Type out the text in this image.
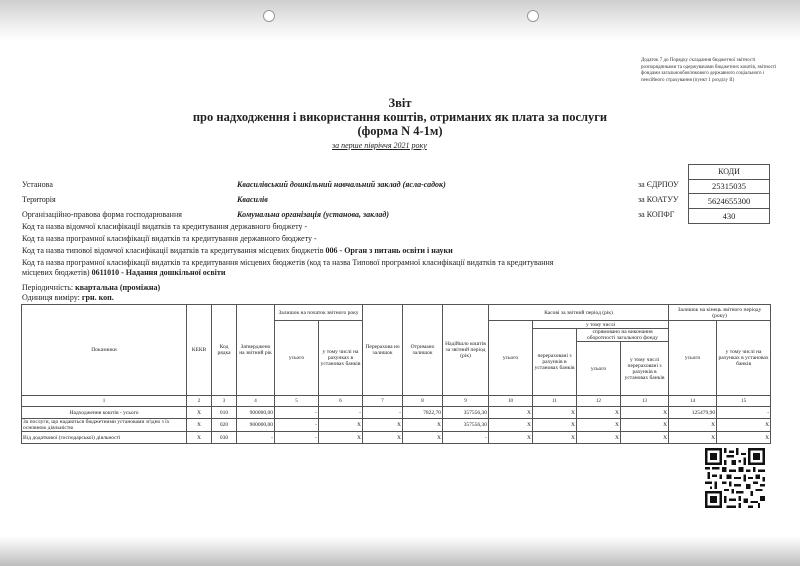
Додаток 7 до Порядку складання бюджетної звітності розпорядниками та одержувачами бюджетних коштів, звітності фондами загальнообов'язкового державного соціального і пенсійного страхування (пункт 1 розділу II)
Звіт
про надходження і використання коштів, отриманих як плата за послуги
(форма N 4-1м)
за перше півріччя 2021 року
КОДИ
за ЄДРПОУ	25315035
за КОАТУУ	5624655300
за КОПФГ	430
Установа	Квасилівський дошкільний навчальний заклад (ясла-садок)
Територія	Квасилів
Організаційно-правова форма господарювання	Комунальна організація (установа, заклад)
Код та назва відомчої класифікації видатків та кредитування державного бюджету -
Код та назва програмної класифікації видатків та кредитування державного бюджету -
Код та назва типової відомчої класифікації видатків та кредитування місцевих бюджетів 006 - Орган з питань освіти і науки
Код та назва програмної класифікації видатків та кредитування місцевих бюджетів (код та назва Типової програмної класифікації видатків та кредитування
місцевих бюджетів) 0611010 - Надання дошкільної освіти
Періодичність: квартальна (проміжна)
Одиниця виміру: грн. коп.
Показники	КЕКВ	Код рядка	Затверджено на звітний рік	Залишок на початок звітного року		Перерахова но залишок	Отримано залишок	Надійшло коштів за звітний період (рік)	Касові за звітний період (рік)				Залишок на кінець звітного періоду (року)	
				усього	у тому числі на рахунках в установах банків				усього	у тому числі			усього	у тому числі на рахунках в установах банків
										перераховані з рахунків в установах банків	спрямовано на виконання оборотності загального фонду			
											усього	у тому числі перераховані з рахунків в установах банків		
1	2	3	4	5	6	7	8	9	10	11	12	13	14	15
Надходження коштів - усього	X	010	900000,00	-	-	-	7822,70	357556,30	X	X	X	X	125479,90	-
За послуги, що надаються бюджетними установами згідно з їх основною діяльністю	X	020	900000,00	-	X	X	X	357556,30	X	X	X	X	X	X
Від додаткової (господарської) діяльності	X	030	-	-	X	X	X	-	X	X	X	X	X	X
